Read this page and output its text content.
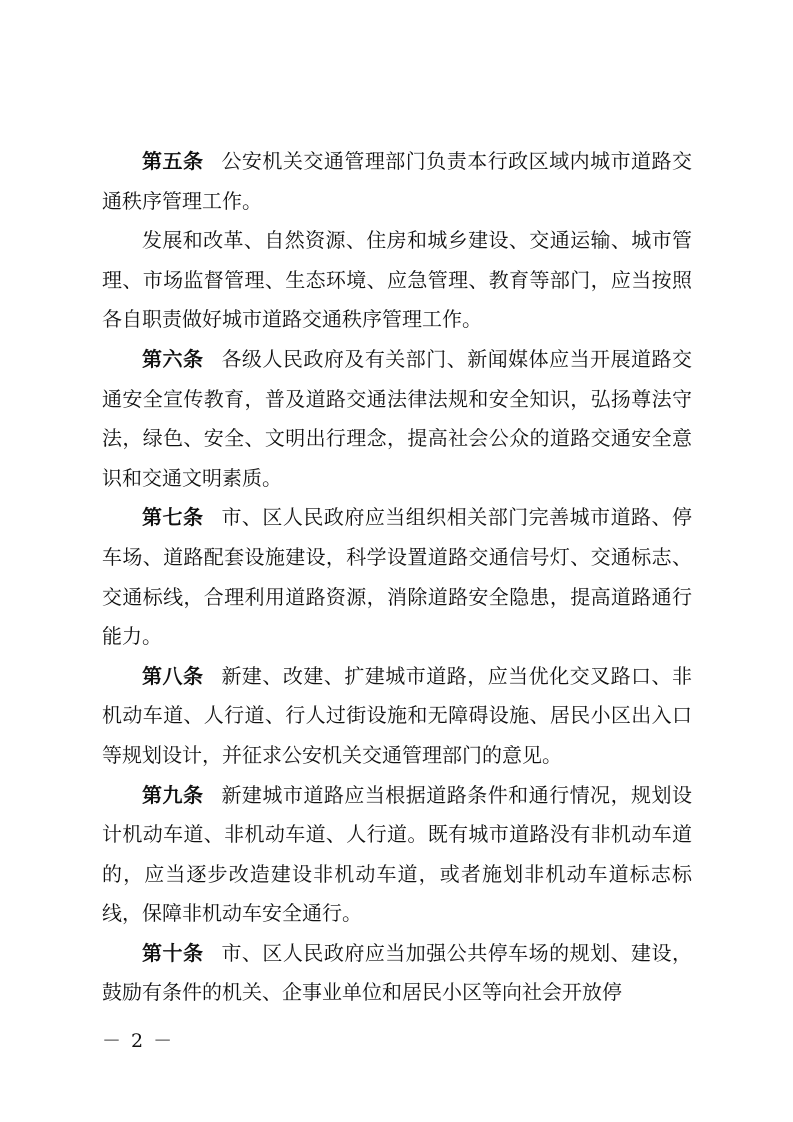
第五条 公安机关交通管理部门负责本行政区域内城市道路交通秩序管理工作。

发展和改革、自然资源、住房和城乡建设、交通运输、城市管理、市场监督管理、生态环境、应急管理、教育等部门，应当按照各自职责做好城市道路交通秩序管理工作。

第六条 各级人民政府及有关部门、新闻媒体应当开展道路交通安全宣传教育，普及道路交通法律法规和安全知识，弘扬尊法守法，绿色、安全、文明出行理念，提高社会公众的道路交通安全意识和交通文明素质。

第七条 市、区人民政府应当组织相关部门完善城市道路、停车场、道路配套设施建设，科学设置道路交通信号灯、交通标志、交通标线，合理利用道路资源，消除道路安全隐患，提高道路通行能力。

第八条 新建、改建、扩建城市道路，应当优化交叉路口、非机动车道、人行道、行人过街设施和无障碍设施、居民小区出入口等规划设计，并征求公安机关交通管理部门的意见。

第九条 新建城市道路应当根据道路条件和通行情况，规划设计机动车道、非机动车道、人行道。既有城市道路没有非机动车道的，应当逐步改造建设非机动车道，或者施划非机动车道标志标线，保障非机动车安全通行。

第十条 市、区人民政府应当加强公共停车场的规划、建设，鼓励有条件的机关、企事业单位和居民小区等向社会开放停

－ 2 －
